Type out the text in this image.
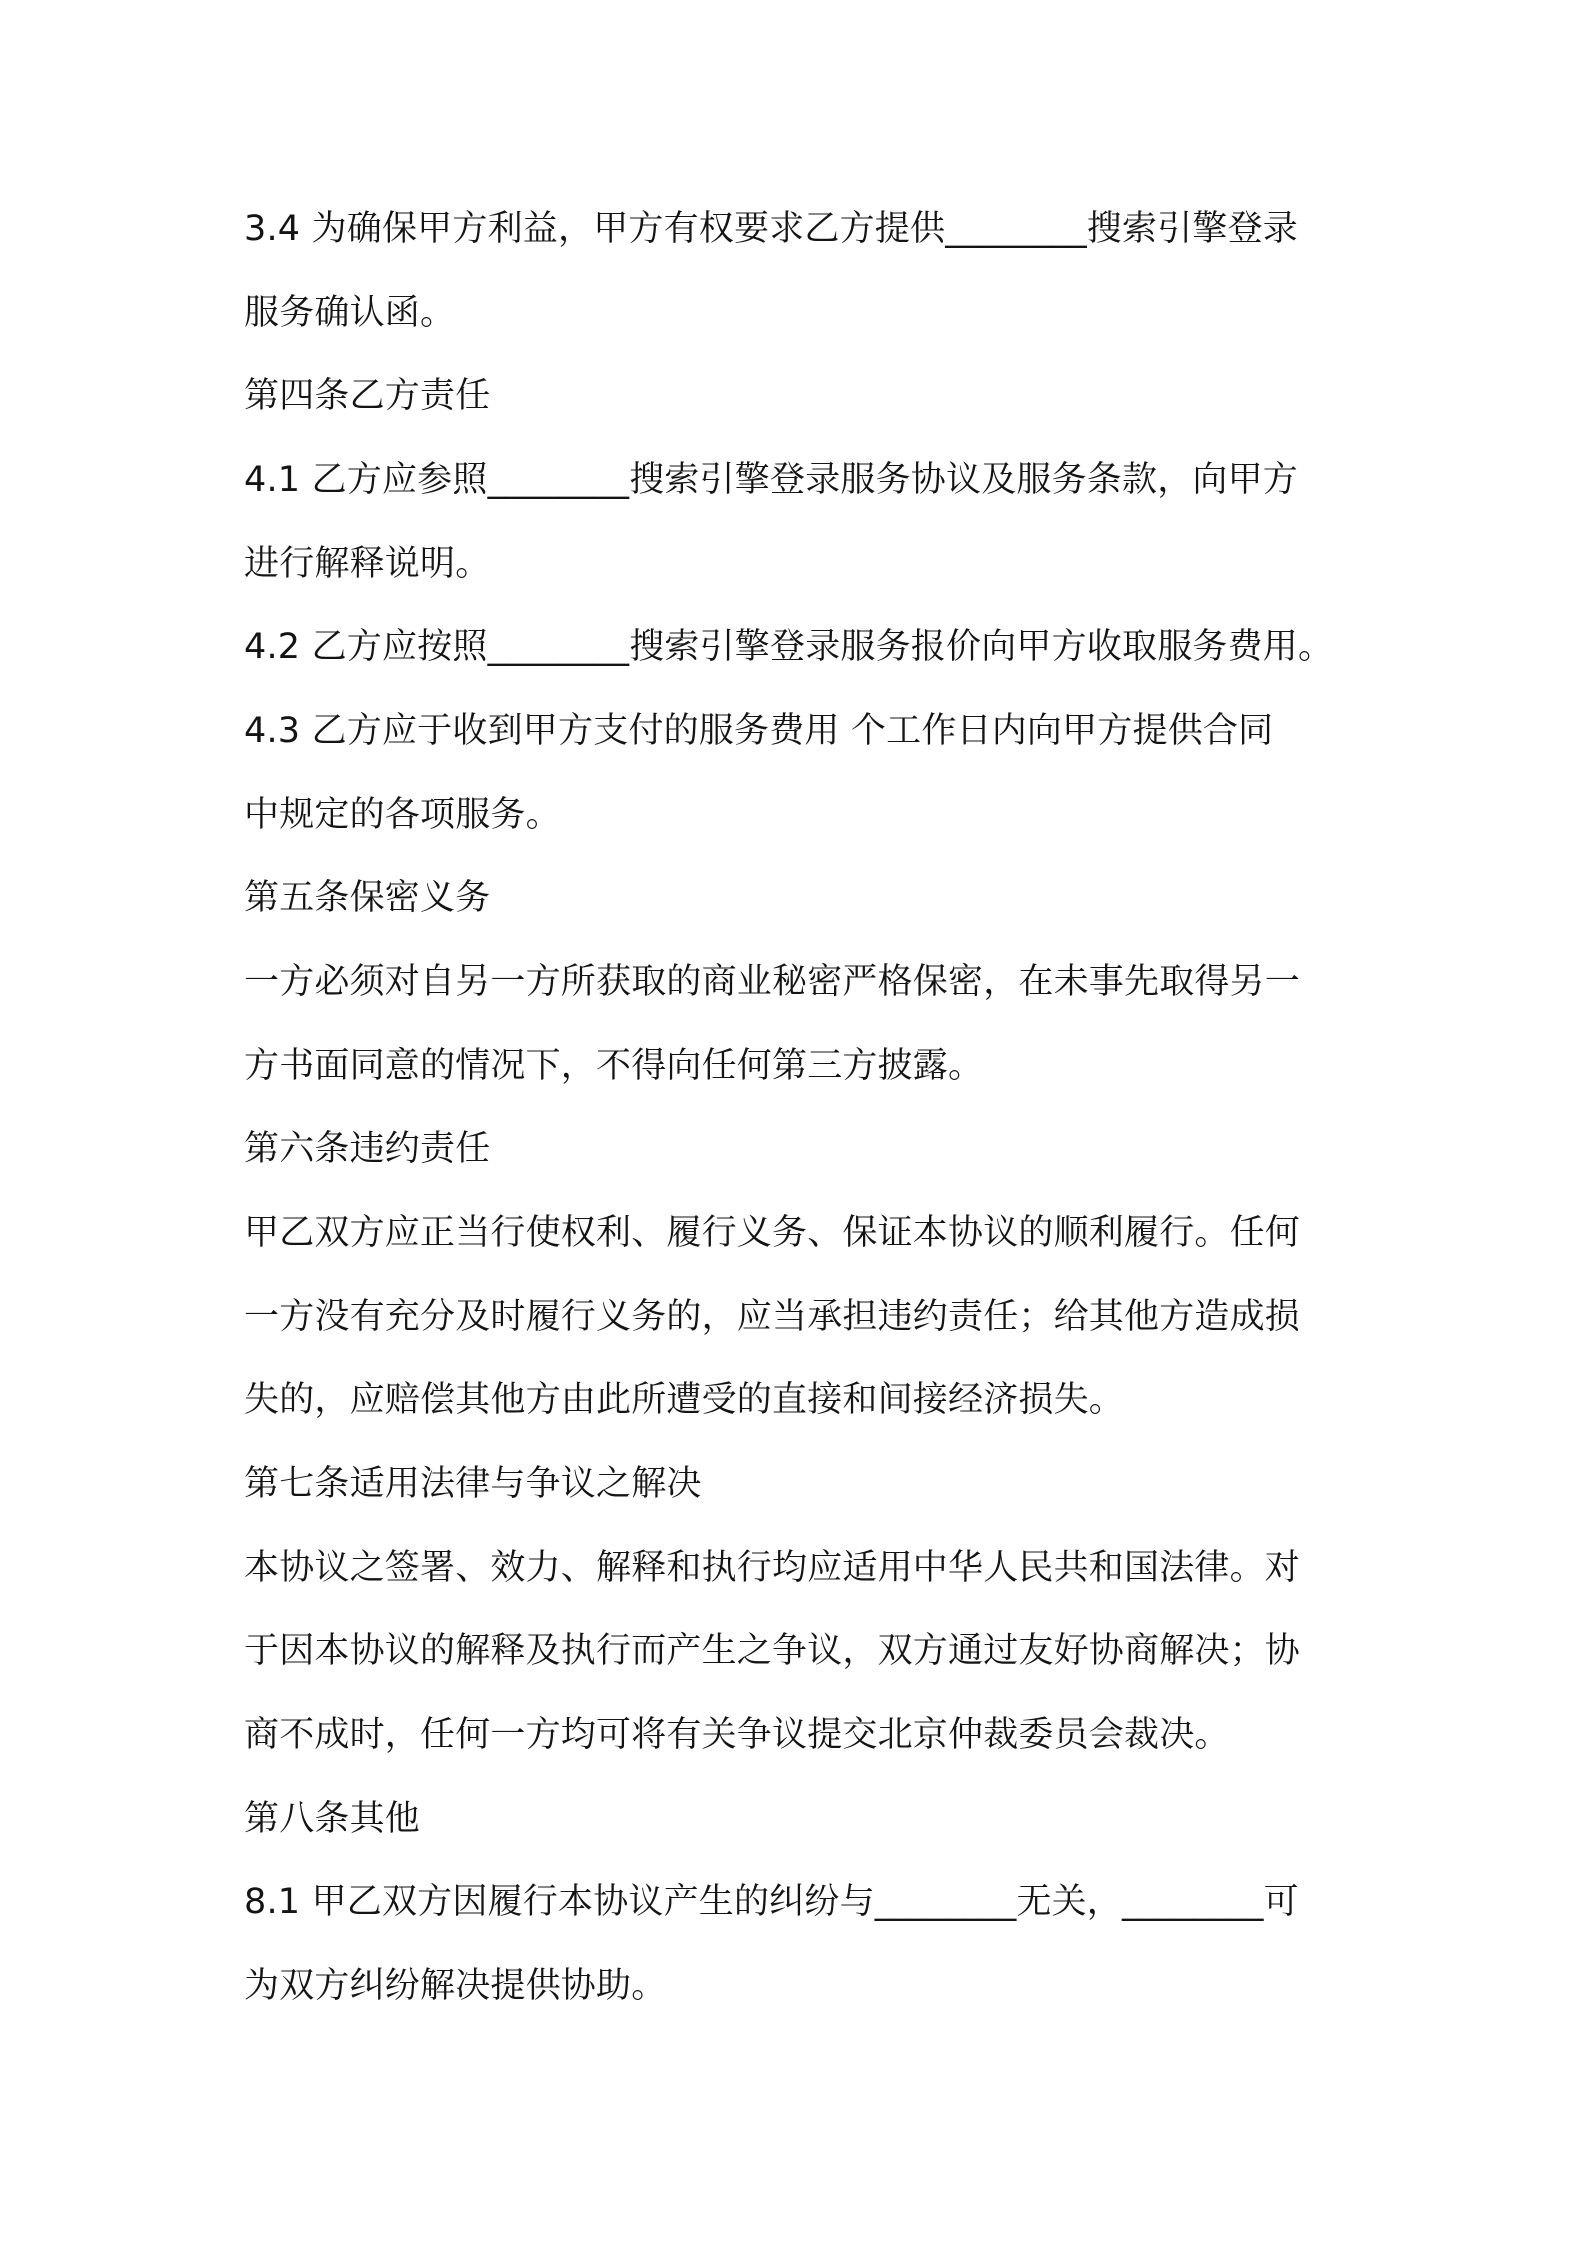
3.4 为确保甲方利益，甲方有权要求乙方提供________搜索引擎登录
服务确认函。
第四条乙方责任
4.1 乙方应参照________搜索引擎登录服务协议及服务条款，向甲方
进行解释说明。
4.2 乙方应按照________搜索引擎登录服务报价向甲方收取服务费用。
4.3 乙方应于收到甲方支付的服务费用 个工作日内向甲方提供合同
中规定的各项服务。
第五条保密义务
一方必须对自另一方所获取的商业秘密严格保密，在未事先取得另一
方书面同意的情况下，不得向任何第三方披露。
第六条违约责任
甲乙双方应正当行使权利、履行义务、保证本协议的顺利履行。任何
一方没有充分及时履行义务的，应当承担违约责任；给其他方造成损
失的，应赔偿其他方由此所遭受的直接和间接经济损失。
第七条适用法律与争议之解决
本协议之签署、效力、解释和执行均应适用中华人民共和国法律。对
于因本协议的解释及执行而产生之争议，双方通过友好协商解决；协
商不成时，任何一方均可将有关争议提交北京仲裁委员会裁决。
第八条其他
8.1 甲乙双方因履行本协议产生的纠纷与________无关，________可
为双方纠纷解决提供协助。
